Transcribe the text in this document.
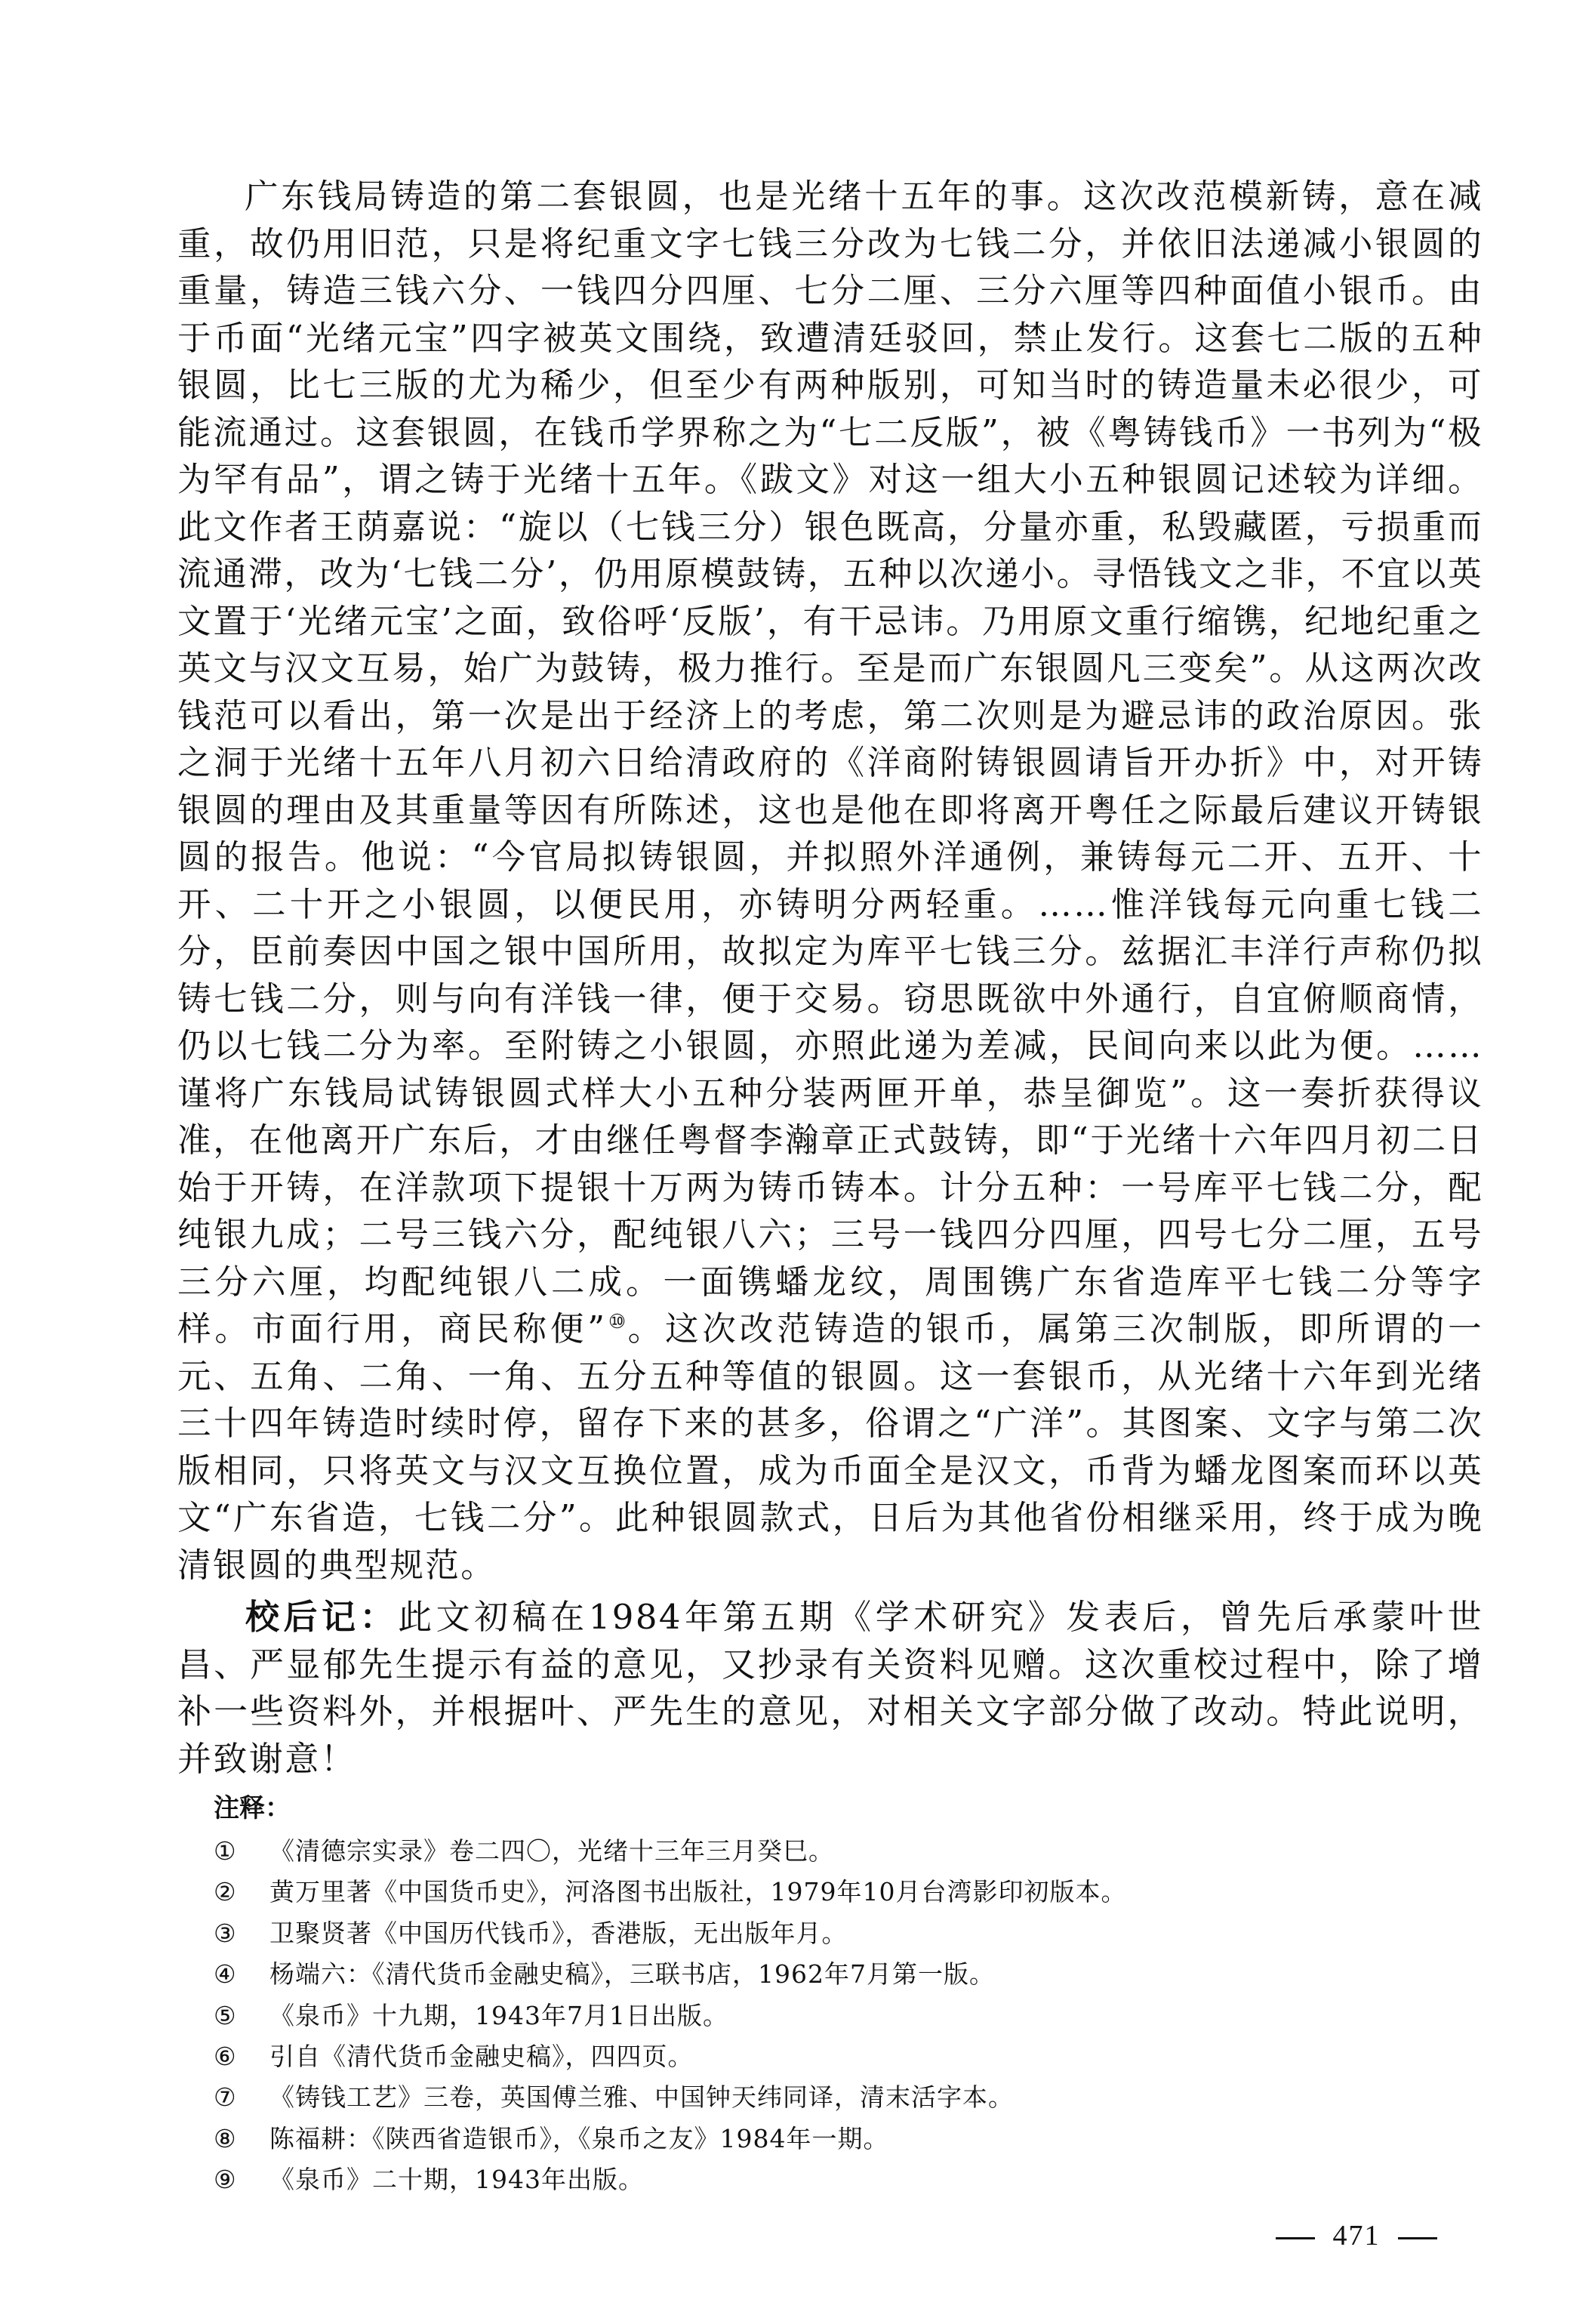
广东钱局铸造的第二套银圆，也是光绪十五年的事。这次改范模新铸，意在减重，故仍用旧范，只是将纪重文字七钱三分改为七钱二分，并依旧法递减小银圆的重量，铸造三钱六分、一钱四分四厘、七分二厘、三分六厘等四种面值小银币。由于币面“光绪元宝”四字被英文围绕，致遭清廷驳回，禁止发行。这套七二版的五种银圆，比七三版的尤为稀少，但至少有两种版别，可知当时的铸造量未必很少，可能流通过。这套银圆，在钱币学界称之为“七二反版”，被《粤铸钱币》一书列为“极为罕有品”，谓之铸于光绪十五年。《跋文》对这一组大小五种银圆记述较为详细。此文作者王荫嘉说：“旋以（七钱三分）银色既高，分量亦重，私毁藏匿，亏损重而流通滞，改为‘七钱二分’，仍用原模鼓铸，五种以次递小。寻悟钱文之非，不宜以英文置于‘光绪元宝’之面，致俗呼‘反版’，有干忌讳。乃用原文重行缩镌，纪地纪重之英文与汉文互易，始广为鼓铸，极力推行。至是而广东银圆凡三变矣”。从这两次改钱范可以看出，第一次是出于经济上的考虑，第二次则是为避忌讳的政治原因。张之洞于光绪十五年八月初六日给清政府的《洋商附铸银圆请旨开办折》中，对开铸银圆的理由及其重量等因有所陈述，这也是他在即将离开粤任之际最后建议开铸银圆的报告。他说：“今官局拟铸银圆，并拟照外洋通例，兼铸每元二开、五开、十开、二十开之小银圆，以便民用，亦铸明分两轻重。……惟洋钱每元向重七钱二分，臣前奏因中国之银中国所用，故拟定为库平七钱三分。兹据汇丰洋行声称仍拟铸七钱二分，则与向有洋钱一律，便于交易。窃思既欲中外通行，自宜俯顺商情，仍以七钱二分为率。至附铸之小银圆，亦照此递为差减，民间向来以此为便。……谨将广东钱局试铸银圆式样大小五种分装两匣开单，恭呈御览”。这一奏折获得议准，在他离开广东后，才由继任粤督李瀚章正式鼓铸，即“于光绪十六年四月初二日始于开铸，在洋款项下提银十万两为铸币铸本。计分五种：一号库平七钱二分，配纯银九成；二号三钱六分，配纯银八六；三号一钱四分四厘，四号七分二厘，五号三分六厘，均配纯银八二成。一面镌蟠龙纹，周围镌广东省造库平七钱二分等字样。市面行用，商民称便”⑩。这次改范铸造的银币，属第三次制版，即所谓的一元、五角、二角、一角、五分五种等值的银圆。这一套银币，从光绪十六年到光绪三十四年铸造时续时停，留存下来的甚多，俗谓之“广洋”。其图案、文字与第二次版相同，只将英文与汉文互换位置，成为币面全是汉文，币背为蟠龙图案而环以英文“广东省造，七钱二分”。此种银圆款式，日后为其他省份相继采用，终于成为晚清银圆的典型规范。

校后记：此文初稿在1984年第五期《学术研究》发表后，曾先后承蒙叶世昌、严显郁先生提示有益的意见，又抄录有关资料见赠。这次重校过程中，除了增补一些资料外，并根据叶、严先生的意见，对相关文字部分做了改动。特此说明，并致谢意！

注释：

① 《清德宗实录》卷二四〇，光绪十三年三月癸巳。
② 黄万里著《中国货币史》，河洛图书出版社，1979年10月台湾影印初版本。
③ 卫聚贤著《中国历代钱币》，香港版，无出版年月。
④ 杨端六：《清代货币金融史稿》，三联书店，1962年7月第一版。
⑤ 《泉币》十九期，1943年7月1日出版。
⑥ 引自《清代货币金融史稿》，四四页。
⑦ 《铸钱工艺》三卷，英国傅兰雅、中国钟天纬同译，清末活字本。
⑧ 陈福耕：《陕西省造银币》，《泉币之友》1984年一期。
⑨ 《泉币》二十期，1943年出版。
471
